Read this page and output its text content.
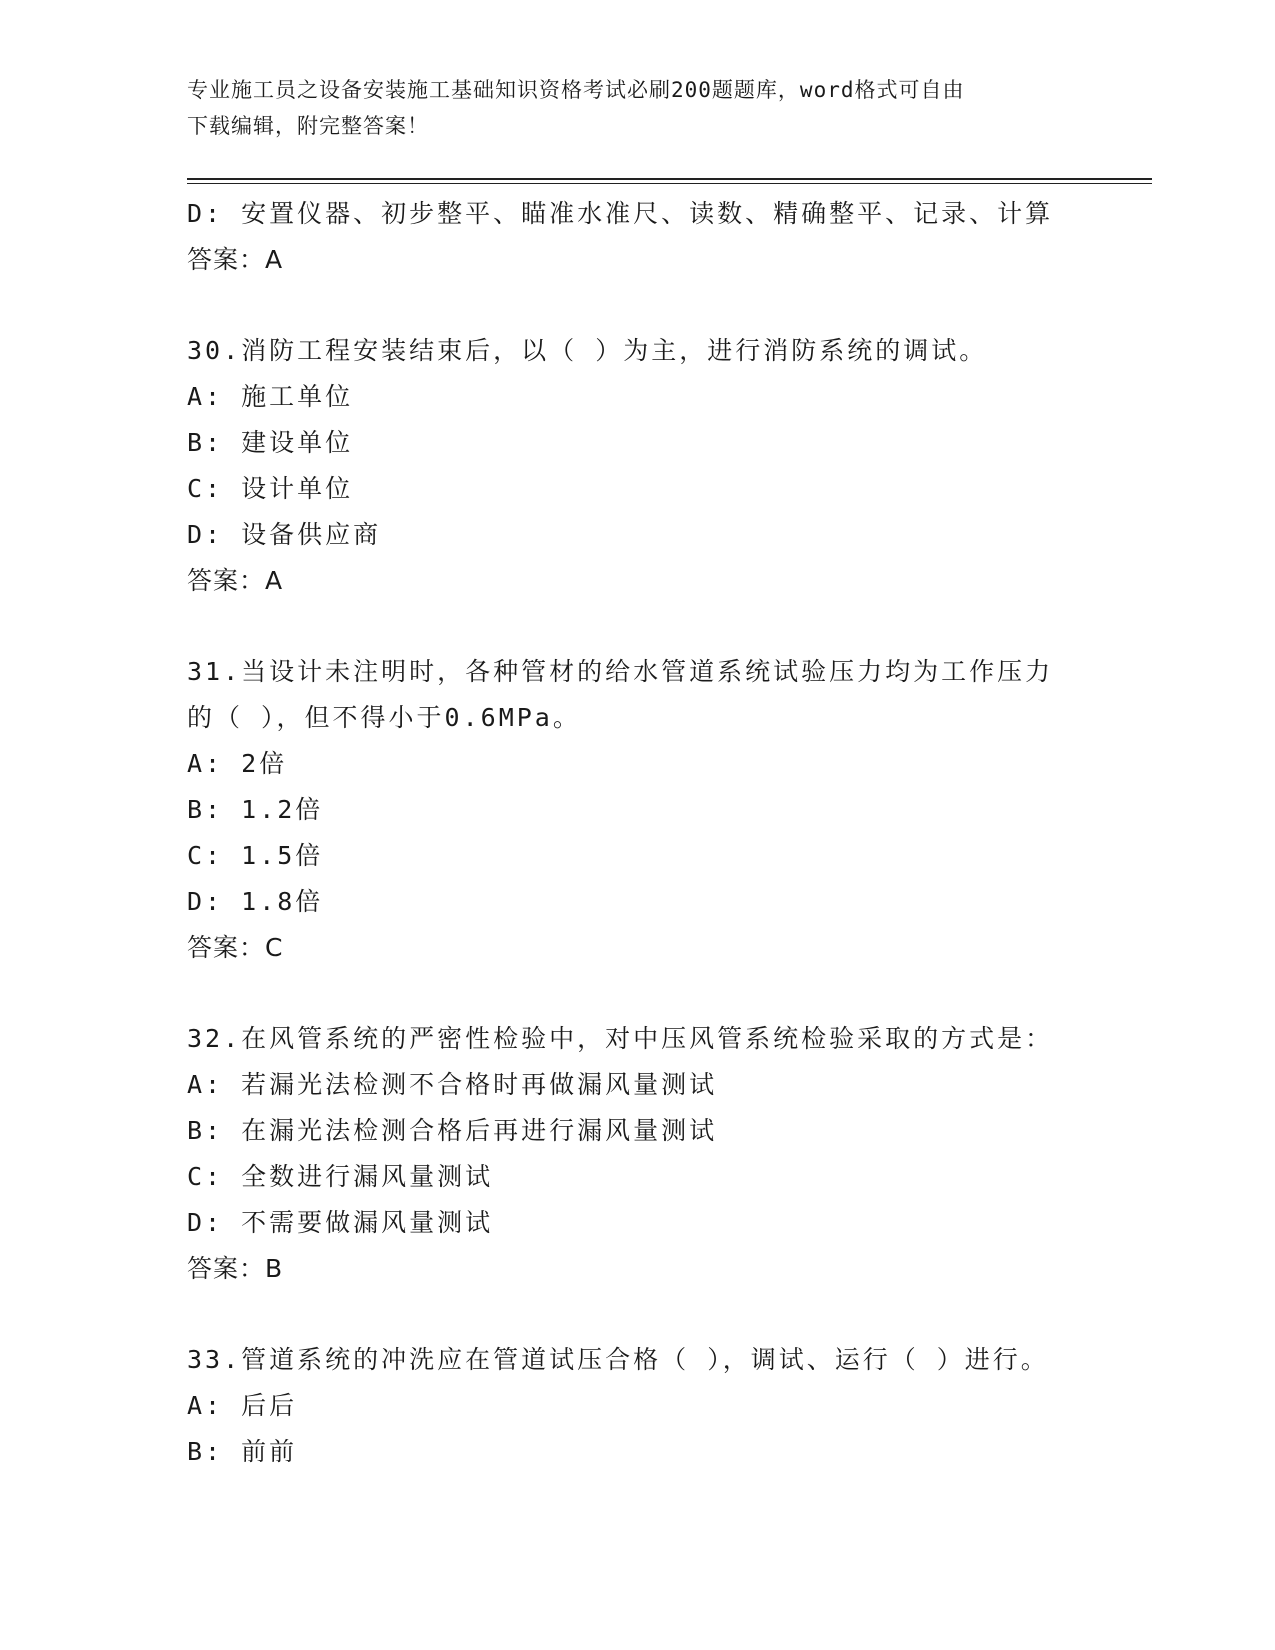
专业施工员之设备安装施工基础知识资格考试必刷200题题库，word格式可自由
下载编辑，附完整答案！
D: 安置仪器、初步整平、瞄准水准尺、读数、精确整平、记录、计算
答案：A
30.消防工程安装结束后，以（ ）为主，进行消防系统的调试。
A: 施工单位
B: 建设单位
C: 设计单位
D: 设备供应商
答案：A
31.当设计未注明时，各种管材的给水管道系统试验压力均为工作压力
的（ ），但不得小于0.6MPa。
A: 2倍
B: 1.2倍
C: 1.5倍
D: 1.8倍
答案：C
32.在风管系统的严密性检验中，对中压风管系统检验采取的方式是：
A: 若漏光法检测不合格时再做漏风量测试
B: 在漏光法检测合格后再进行漏风量测试
C: 全数进行漏风量测试
D: 不需要做漏风量测试
答案：B
33.管道系统的冲洗应在管道试压合格（ ），调试、运行（ ）进行。
A: 后后
B: 前前
